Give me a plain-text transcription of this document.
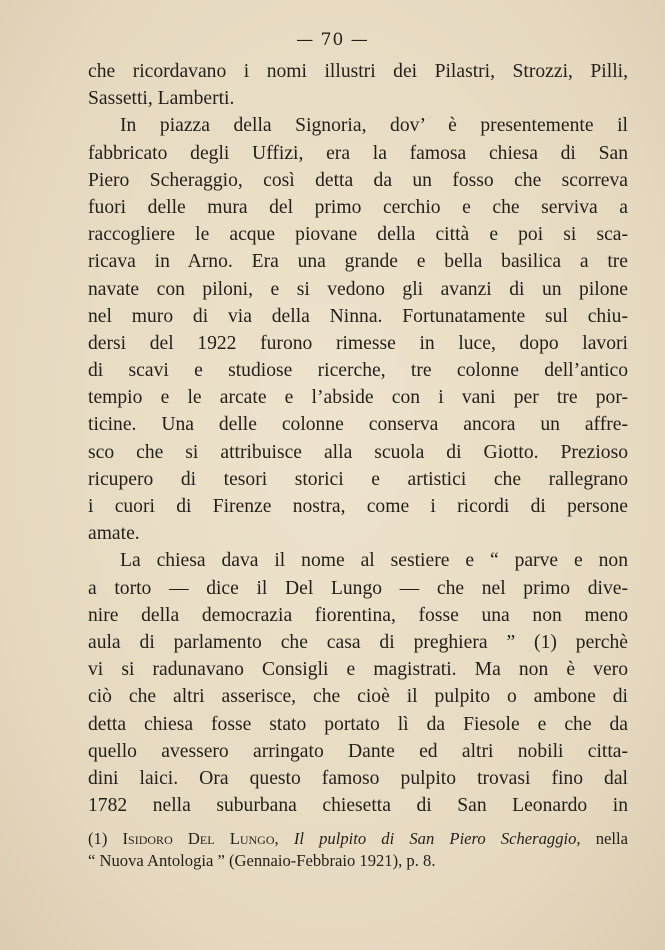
— 70 —
che ricordavano i nomi illustri dei Pilastri, Strozzi, Pilli,
Sassetti, Lamberti.
In piazza della Signoria, dov’ è presentemente il
fabbricato degli Uffizi, era la famosa chiesa di San
Piero Scheraggio, così detta da un fosso che scorreva
fuori delle mura del primo cerchio e che serviva a
raccogliere le acque piovane della città e poi si sca-
ricava in Arno. Era una grande e bella basilica a tre
navate con piloni, e si vedono gli avanzi di un pilone
nel muro di via della Ninna. Fortunatamente sul chiu-
dersi del 1922 furono rimesse in luce, dopo lavori
di scavi e studiose ricerche, tre colonne dell’antico
tempio e le arcate e l’abside con i vani per tre por-
ticine. Una delle colonne conserva ancora un affre-
sco che si attribuisce alla scuola di Giotto. Prezioso
ricupero di tesori storici e artistici che rallegrano
i cuori di Firenze nostra, come i ricordi di persone
amate.
La chiesa dava il nome al sestiere e “ parve e non
a torto — dice il Del Lungo — che nel primo dive-
nire della democrazia fiorentina, fosse una non meno
aula di parlamento che casa di preghiera ” (1) perchè
vi si radunavano Consigli e magistrati. Ma non è vero
ciò che altri asserisce, che cioè il pulpito o ambone di
detta chiesa fosse stato portato lì da Fiesole e che da
quello avessero arringato Dante ed altri nobili citta-
dini laici. Ora questo famoso pulpito trovasi fino dal
1782 nella suburbana chiesetta di San Leonardo in
(1) Isidoro Del Lungo, Il pulpito di San Piero Scheraggio, nella
“ Nuova Antologia ” (Gennaio-Febbraio 1921), p. 8.
